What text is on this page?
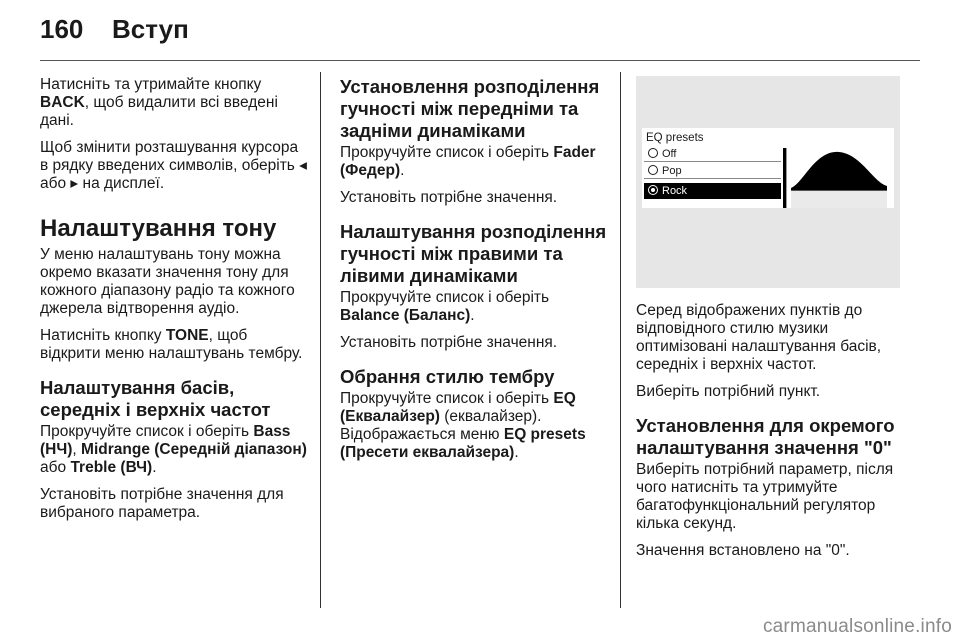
160	Вступ

Натисніть та утримайте кнопку BACK, щоб видалити всі введені дані.

Щоб змінити розташування курсора в рядку введених символів, оберіть ◂ або ▸ на дисплеї.

Налаштування тону

У меню налаштувань тону можна окремо вказати значення тону для кожного діапазону радіо та кожного джерела відтворення аудіо.

Натисніть кнопку TONE, щоб відкрити меню налаштувань тембру.

Налаштування басів, середніх і верхніх частот

Прокручуйте список і оберіть Bass (НЧ), Midrange (Середній діапазон) або Treble (ВЧ).

Установіть потрібне значення для вибраного параметра.

Установлення розподілення гучності між передніми та задніми динаміками

Прокручуйте список і оберіть Fader (Федер).

Установіть потрібне значення.

Налаштування розподілення гучності між правими та лівими динаміками

Прокручуйте список і оберіть Balance (Баланс).

Установіть потрібне значення.

Обрання стилю тембру

Прокручуйте список і оберіть EQ (Еквалайзер) (еквалайзер). Відображається меню EQ presets (Пресети еквалайзера).

EQ presets
Off
Pop
Rock

Серед відображених пунктів до відповідного стилю музики оптимізовані налаштування басів, середніх і верхніх частот.

Виберіть потрібний пункт.

Установлення для окремого налаштування значення "0"

Виберіть потрібний параметр, після чого натисніть та утримуйте багатофункціональний регулятор кілька секунд.

Значення встановлено на "0".

carmanualsonline.info
